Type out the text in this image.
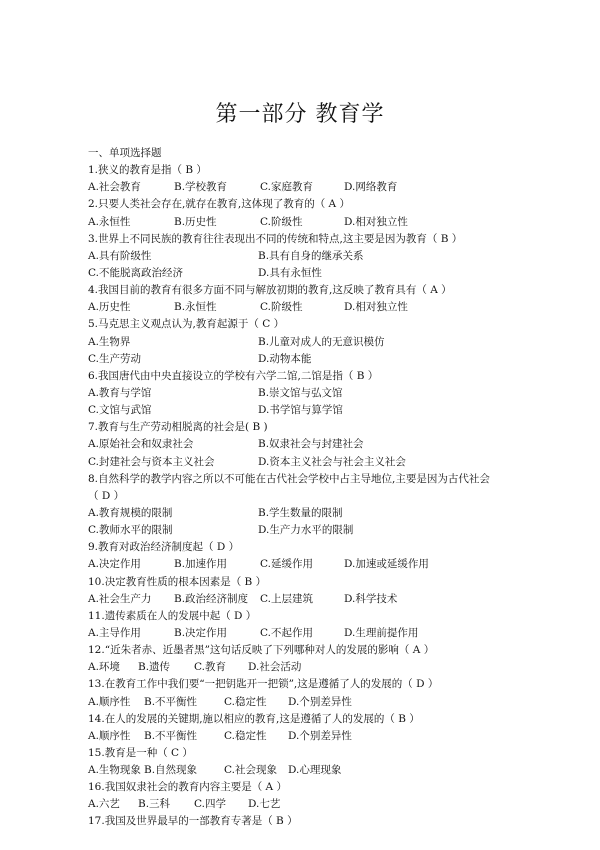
第一部分 教育学
一、单项选择题
1.狭义的教育是指（ B ）
A.社会教育	B.学校教育	C.家庭教育	D.网络教育
2.只要人类社会存在,就存在教育,这体现了教育的（ A ）
A.永恒性	B.历史性	C.阶级性	D.相对独立性
3.世界上不同民族的教育往往表现出不同的传统和特点,这主要是因为教育（ B ）
A.具有阶级性	B.具有自身的继承关系
C.不能脱离政治经济	D.具有永恒性
4.我国目前的教育有很多方面不同与解放初期的教育,这反映了教育具有（ A ）
A.历史性	B.永恒性	C.阶级性	D.相对独立性
5.马克思主义观点认为,教育起源于（ C ）
A.生物界	B.儿童对成人的无意识模仿
C.生产劳动	D.动物本能
6.我国唐代由中央直接设立的学校有六学二馆,二馆是指（ B ）
A.教育与学馆	B.崇文馆与弘文馆
C.文馆与武馆	D.书学馆与算学馆
7.教育与生产劳动相脱离的社会是( B )
A.原始社会和奴隶社会	B.奴隶社会与封建社会
C.封建社会与资本主义社会	D.资本主义社会与社会主义社会
8.自然科学的教学内容之所以不可能在古代社会学校中占主导地位,主要是因为古代社会
（ D ）
A.教育规模的限制	B.学生数量的限制
C.教师水平的限制	D.生产力水平的限制
9.教育对政治经济制度起（ D ）
A.决定作用	B.加速作用	C.延缓作用	D.加速或延缓作用
10.决定教育性质的根本因素是（ B ）
A.社会生产力 B.政治经济制度 C.上层建筑	D.科学技术
11.遗传素质在人的发展中起（ D ）
A.主导作用	B.决定作用	C.不起作用	D.生理前提作用
12.“近朱者赤、近墨者黑”这句话反映了下列哪种对人的发展的影响（ A ）
A.环境 B.遗传 C.教育 D.社会活动
13.在教育工作中我们要“一把钥匙开一把锁”,这是遵循了人的发展的（ D ）
A.顺序性 B.不平衡性	C.稳定性 D.个别差异性
14.在人的发展的关键期,施以相应的教育,这是遵循了人的发展的（ B ）
A.顺序性 B.不平衡性	C.稳定性 D.个别差异性
15.教育是一种（ C ）
A.生物现象 B.自然现象	C.社会现象 D.心理现象
16.我国奴隶社会的教育内容主要是（ A ）
A.六艺 B.三科 C.四学 D.七艺
17.我国及世界最早的一部教育专著是（ B ）
